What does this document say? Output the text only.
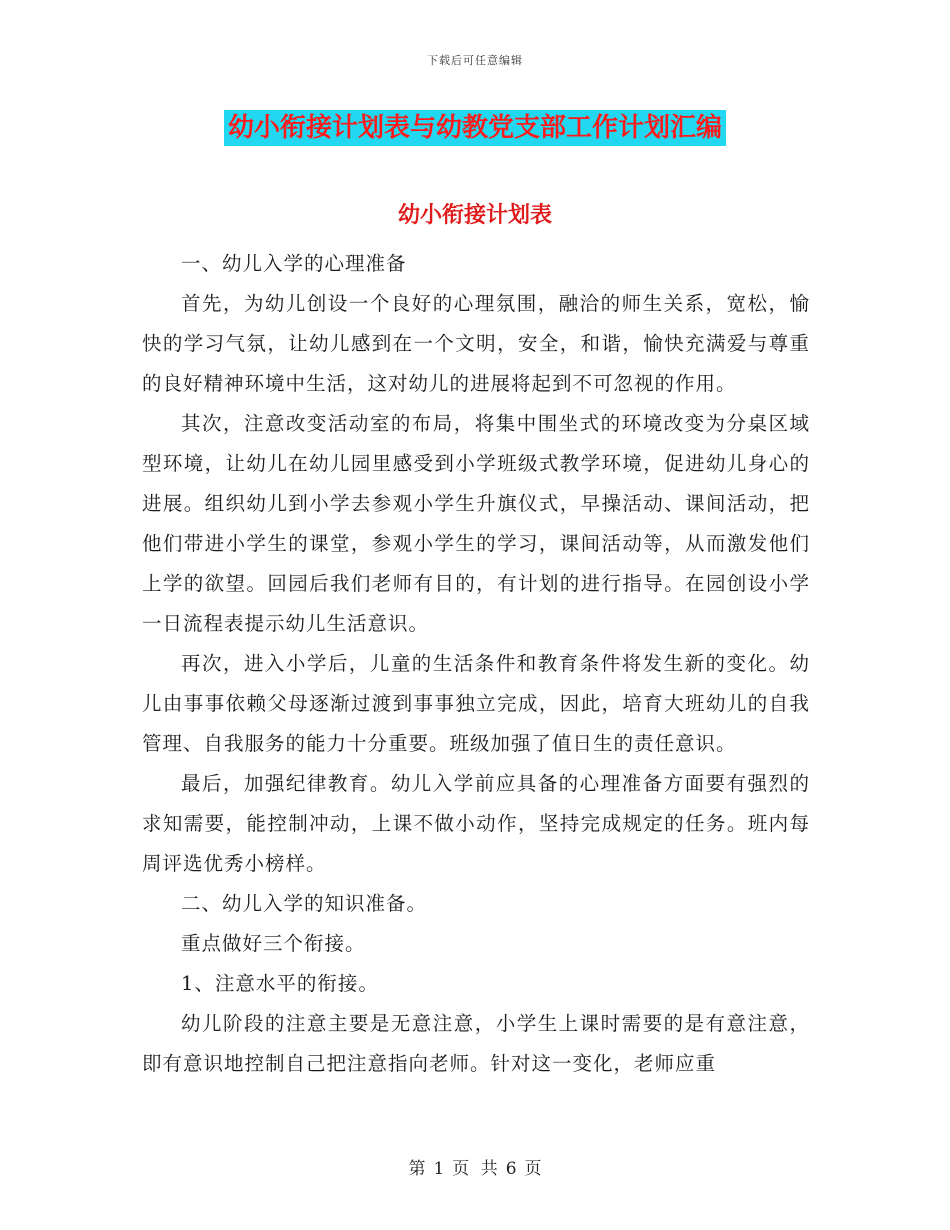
下载后可任意编辑
幼小衔接计划表与幼教党支部工作计划汇编
幼小衔接计划表

一、幼儿入学的心理准备

首先，为幼儿创设一个良好的心理氛围，融洽的师生关系，宽松，愉快的学习气氛，让幼儿感到在一个文明，安全，和谐，愉快充满爱与尊重的良好精神环境中生活，这对幼儿的进展将起到不可忽视的作用。

其次，注意改变活动室的布局，将集中围坐式的环境改变为分桌区域型环境，让幼儿在幼儿园里感受到小学班级式教学环境，促进幼儿身心的进展。组织幼儿到小学去参观小学生升旗仪式，早操活动、课间活动，把他们带进小学生的课堂，参观小学生的学习，课间活动等，从而激发他们上学的欲望。回园后我们老师有目的，有计划的进行指导。在园创设小学一日流程表提示幼儿生活意识。

再次，进入小学后，儿童的生活条件和教育条件将发生新的变化。幼儿由事事依赖父母逐渐过渡到事事独立完成，因此，培育大班幼儿的自我管理、自我服务的能力十分重要。班级加强了值日生的责任意识。

最后，加强纪律教育。幼儿入学前应具备的心理准备方面要有强烈的求知需要，能控制冲动，上课不做小动作，坚持完成规定的任务。班内每周评选优秀小榜样。

二、幼儿入学的知识准备。

重点做好三个衔接。

1、注意水平的衔接。

幼儿阶段的注意主要是无意注意，小学生上课时需要的是有意注意，即有意识地控制自己把注意指向老师。针对这一变化，老师应重

第 1 页 共 6 页
